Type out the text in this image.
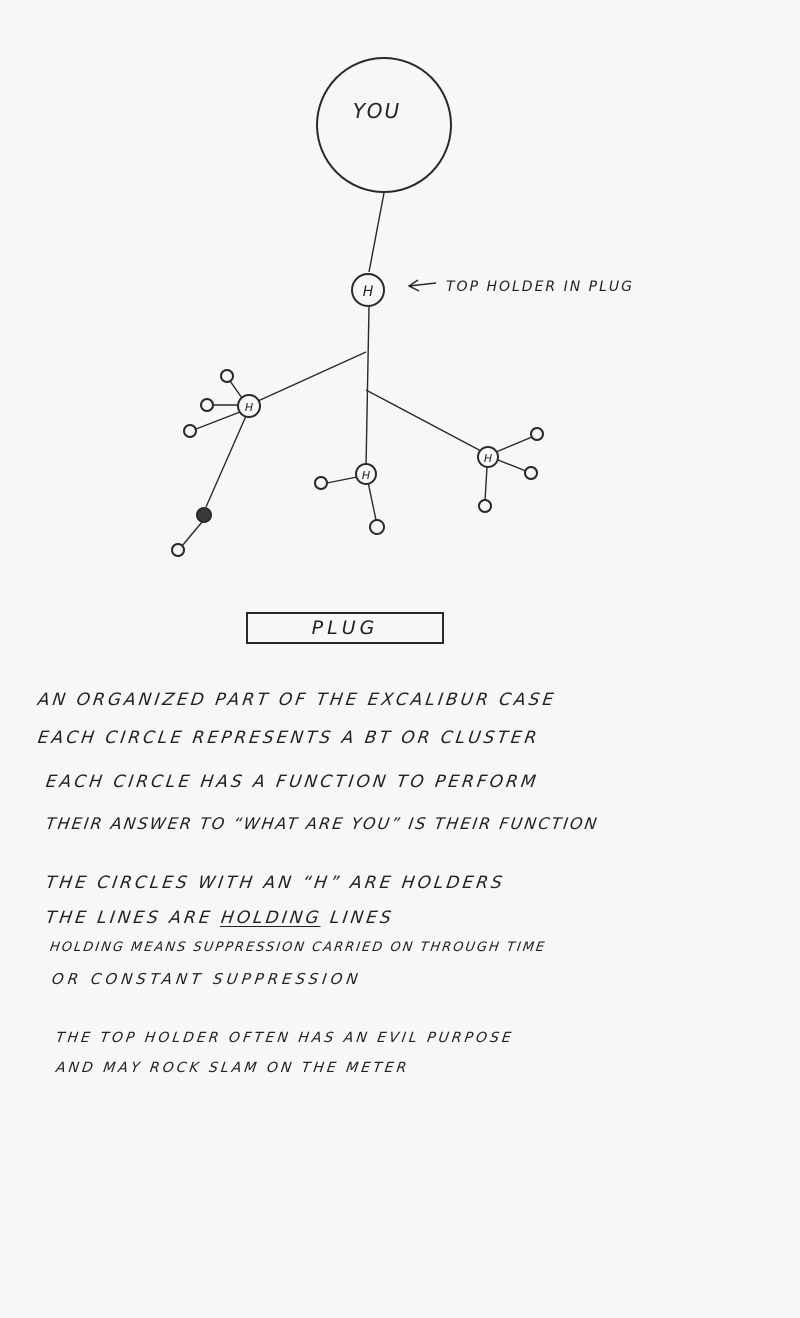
YOU
H	TOP HOLDER IN PLUG
H
H
H
PLUG
AN ORGANIZED PART OF THE EXCALIBUR CASE
EACH CIRCLE REPRESENTS A BT OR CLUSTER
EACH CIRCLE HAS A FUNCTION TO PERFORM
THEIR ANSWER TO “WHAT ARE YOU” IS THEIR FUNCTION
THE CIRCLES WITH AN “H” ARE HOLDERS
THE LINES ARE HOLDING LINES
HOLDING MEANS SUPPRESSION CARRIED ON THROUGH TIME
OR CONSTANT SUPPRESSION
THE TOP HOLDER OFTEN HAS AN EVIL PURPOSE
AND MAY ROCK SLAM ON THE METER
